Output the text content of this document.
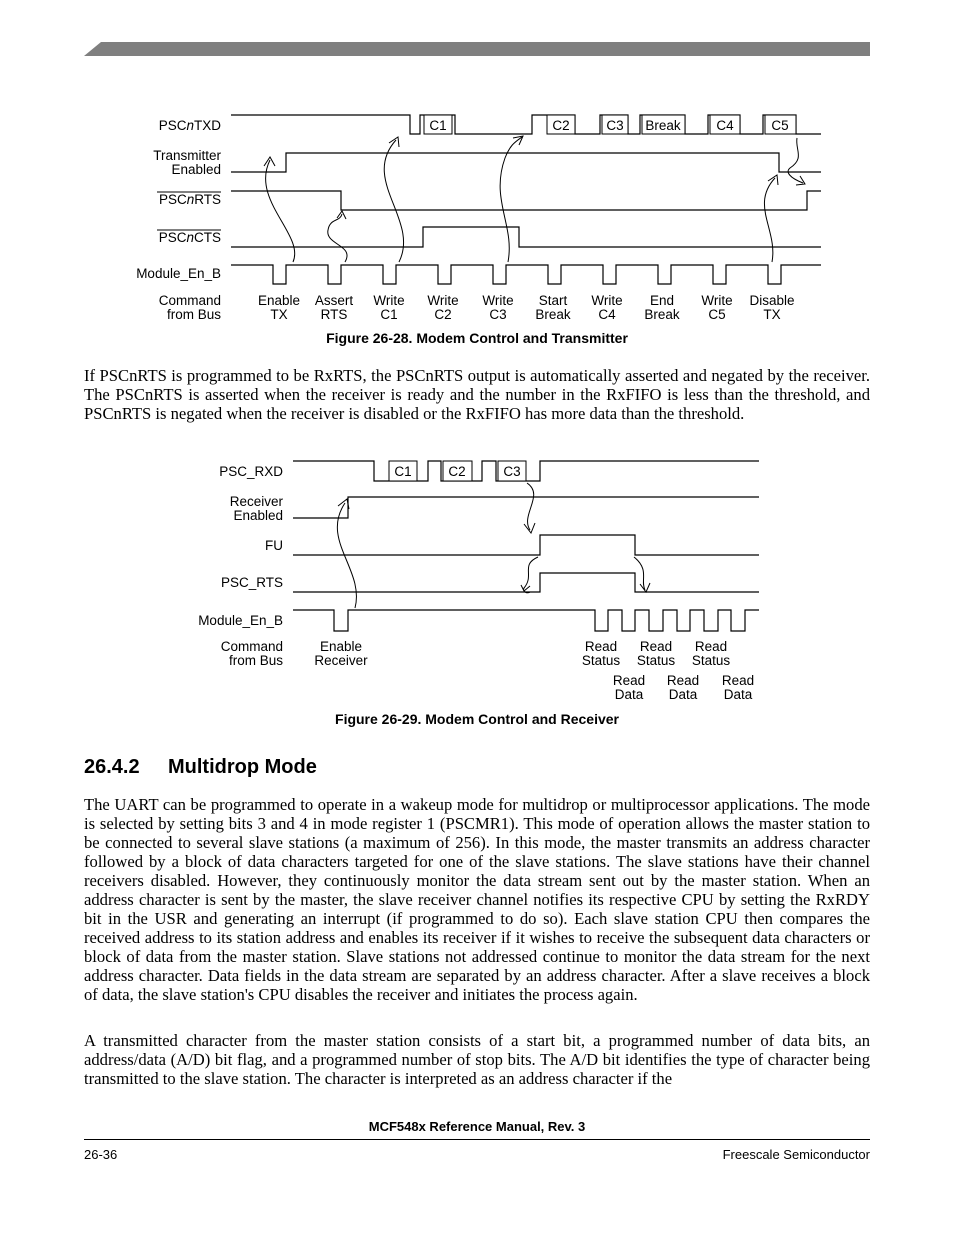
PSCnTXD
Transmitter Enabled
PSCnRTS
PSCnCTS
Module_En_B
Command from Bus
C1	C2	C3 Break	C4	C5
Enable TX
Assert RTS
Write C1
Write C2
Write C3
Start Break
Write C4
End Break
Write C5
Disable TX
Figure 26-28. Modem Control and Transmitter

If PSCnRTS is programmed to be RxRTS, the PSCnRTS output is automatically asserted and negated by the receiver. The PSCnRTS is asserted when the receiver is ready and the number in the RxFIFO is less than the threshold, and PSCnRTS is negated when the receiver is disabled or the RxFIFO has more data than the threshold.

PSC_RXD
Receiver Enabled
FU
PSC_RTS
Module_En_B
Command from Bus
C1	C2	C3
Enable Receiver
Read Status
Read Status
Read Status
Read Data
Read Data
Read Data
Figure 26-29. Modem Control and Receiver
26.4.2 Multidrop Mode

The UART can be programmed to operate in a wakeup mode for multidrop or multiprocessor applications. The mode is selected by setting bits 3 and 4 in mode register 1 (PSCMR1). This mode of operation allows the master station to be connected to several slave stations (a maximum of 256). In this mode, the master transmits an address character followed by a block of data characters targeted for one of the slave stations. The slave stations have their channel receivers disabled. However, they continuously monitor the data stream sent out by the master station. When an address character is sent by the master, the slave receiver channel notifies its respective CPU by setting the RxRDY bit in the USR and generating an interrupt (if programmed to do so). Each slave station CPU then compares the received address to its station address and enables its receiver if it wishes to receive the subsequent data characters or block of data from the master station. Slave stations not addressed continue to monitor the data stream for the next address character. Data fields in the data stream are separated by an address character. After a slave receives a block of data, the slave station's CPU disables the receiver and initiates the process again.

A transmitted character from the master station consists of a start bit, a programmed number of data bits, an address/data (A/D) bit flag, and a programmed number of stop bits. The A/D bit identifies the type of character being transmitted to the slave station. The character is interpreted as an address character if the

MCF548x Reference Manual, Rev. 3
26-36	Freescale Semiconductor
